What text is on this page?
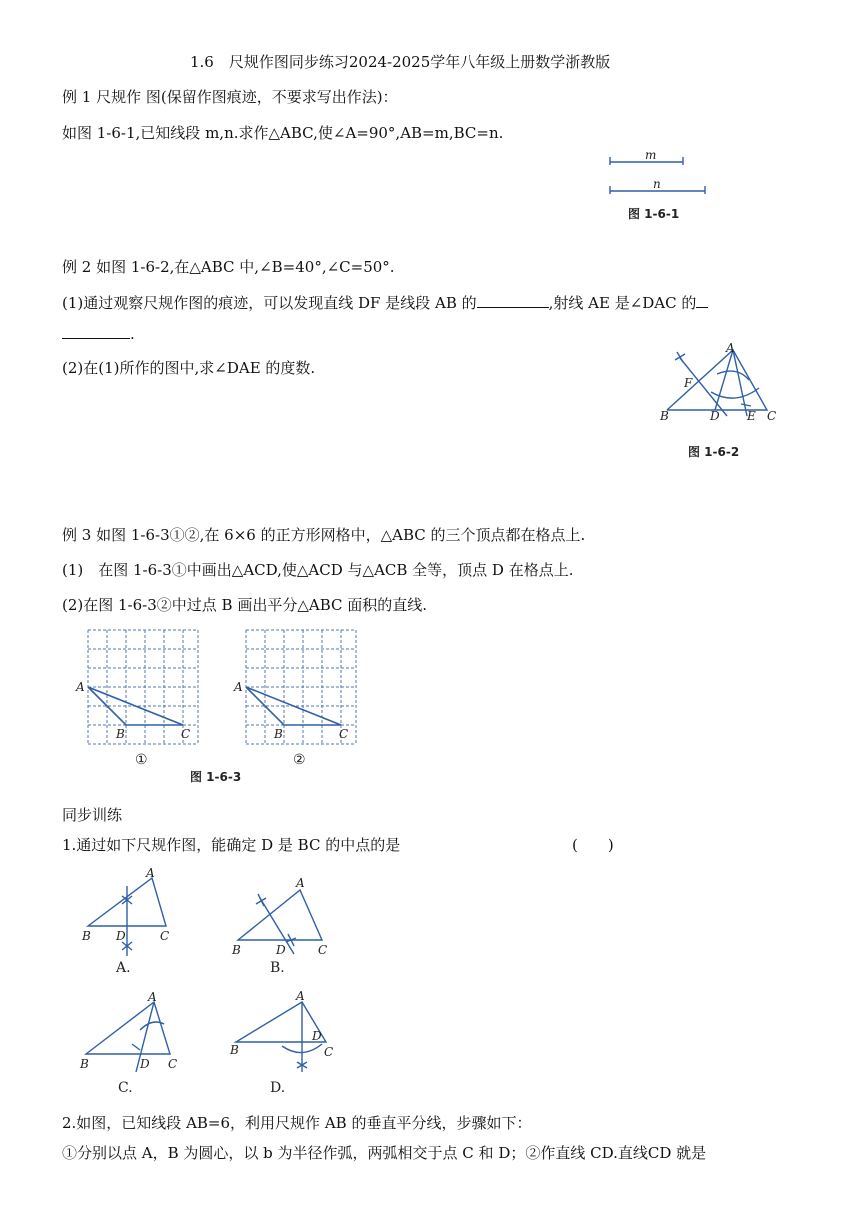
1.6　尺规作图同步练习2024-2025学年八年级上册数学浙教版
例 1 尺规作 图(保留作图痕迹，不要求写出作法)：
如图 1-6-1,已知线段 m,n.求作△ABC,使∠A=90°,AB=m,BC=n.
m
n
图 1-6-1
例 2 如图 1-6-2,在△ABC 中,∠B=40°,∠C=50°.
(1)通过观察尺规作图的痕迹，可以发现直线 DF 是线段 AB 的	,射线 AE 是∠DAC 的
.
(2)在(1)所作的图中,求∠DAE 的度数.
A
B	C
D E
F
图 1-6-2
例 3 如图 1-6-3①②,在 6×6 的正方形网格中，△ABC 的三个顶点都在格点上.
(1)　在图 1-6-3①中画出△ACD,使△ACD 与△ACB 全等，顶点 D 在格点上.
(2)在图 1-6-3②中过点 B 画出平分△ABC 面积的直线.
A
B	C
①
A
B	C
②
图 1-6-3
同步训练
1.通过如下尺规作图，能确定 D 是 BC 的中点的是	(　　)
A
B D	C
A.
A
B	D	C
B.
A
B	D C
C.
A
B
D
C
D.
2.如图，已知线段 AB=6，利用尺规作 AB 的垂直平分线，步骤如下：
①分别以点 A，B 为圆心，以 b 为半径作弧，两弧相交于点 C 和 D；②作直线 CD.直线CD 就是
